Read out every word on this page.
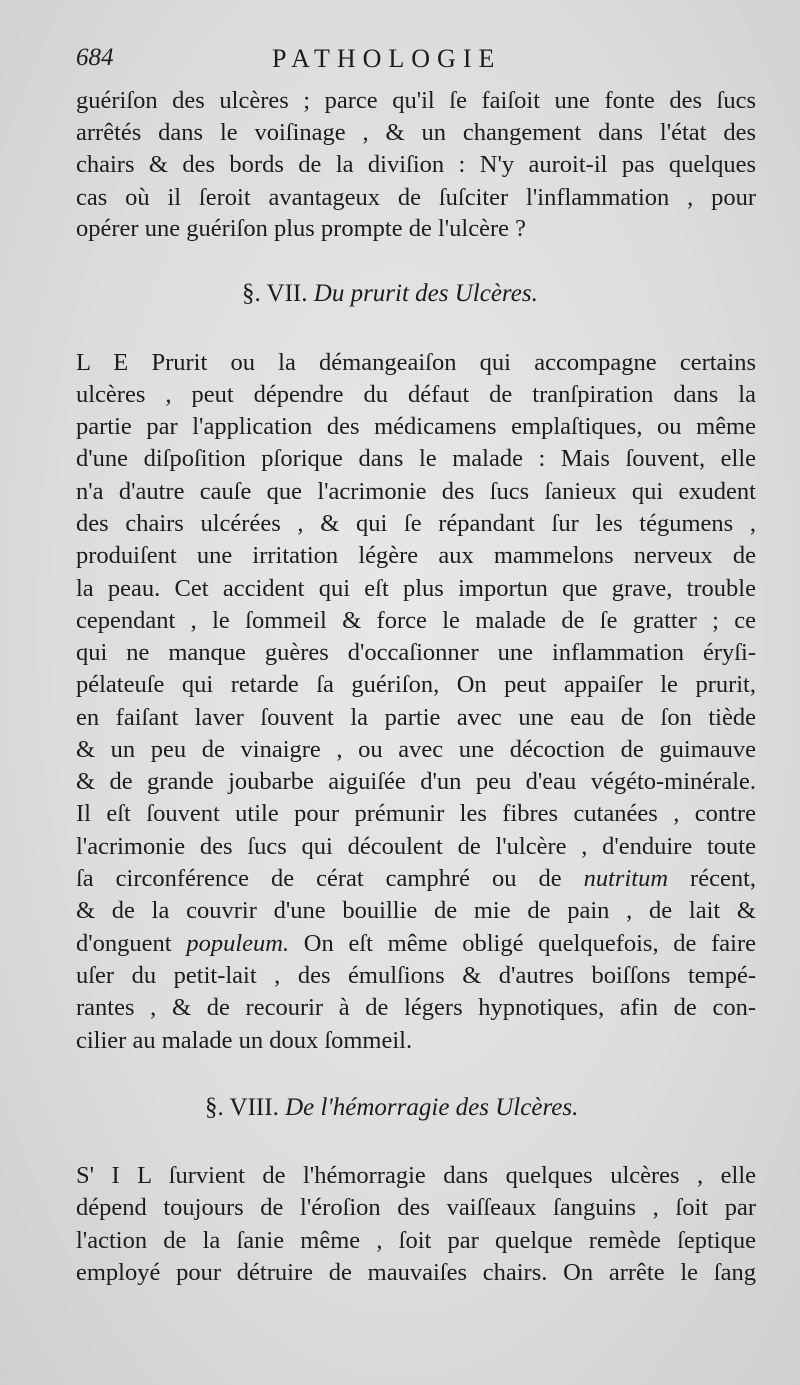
684	PATHOLOGIE
guériſon des ulcères ; parce qu'il ſe faiſoit une fonte des ſucs
arrêtés dans le voiſinage , & un changement dans l'état des
chairs & des bords de la diviſion : N'y auroit-il pas quelques
cas où il ſeroit avantageux de ſuſciter l'inflammation , pour
opérer une guériſon plus prompte de l'ulcère ?
§. VII. Du prurit des Ulcères.
L E Prurit ou la démangeaiſon qui accompagne certains
ulcères , peut dépendre du défaut de tranſpiration dans la
partie par l'application des médicamens emplaſtiques, ou même
d'une diſpoſition pſorique dans le malade : Mais ſouvent, elle
n'a d'autre cauſe que l'acrimonie des ſucs ſanieux qui exudent
des chairs ulcérées , & qui ſe répandant ſur les tégumens ,
produiſent une irritation légère aux mammelons nerveux de
la peau. Cet accident qui eſt plus importun que grave, trouble
cependant , le ſommeil & force le malade de ſe gratter ; ce
qui ne manque guères d'occaſionner une inflammation éryſi-
pélateuſe qui retarde ſa guériſon, On peut appaiſer le prurit,
en faiſant laver ſouvent la partie avec une eau de ſon tiède
& un peu de vinaigre , ou avec une décoction de guimauve
& de grande joubarbe aiguiſée d'un peu d'eau végéto-minérale.
Il eſt ſouvent utile pour prémunir les fibres cutanées , contre
l'acrimonie des ſucs qui découlent de l'ulcère , d'enduire toute
ſa circonférence de cérat camphré ou de nutritum récent,
& de la couvrir d'une bouillie de mie de pain , de lait &
d'onguent populeum. On eſt même obligé quelquefois, de faire
uſer du petit-lait , des émulſions & d'autres boiſſons tempé-
rantes , & de recourir à de légers hypnotiques, afin de con-
cilier au malade un doux ſommeil.
§. VIII. De l'hémorragie des Ulcères.
S' I L ſurvient de l'hémorragie dans quelques ulcères , elle
dépend toujours de l'éroſion des vaiſſeaux ſanguins , ſoit par
l'action de la ſanie même , ſoit par quelque remède ſeptique
employé pour détruire de mauvaiſes chairs. On arrête le ſang
